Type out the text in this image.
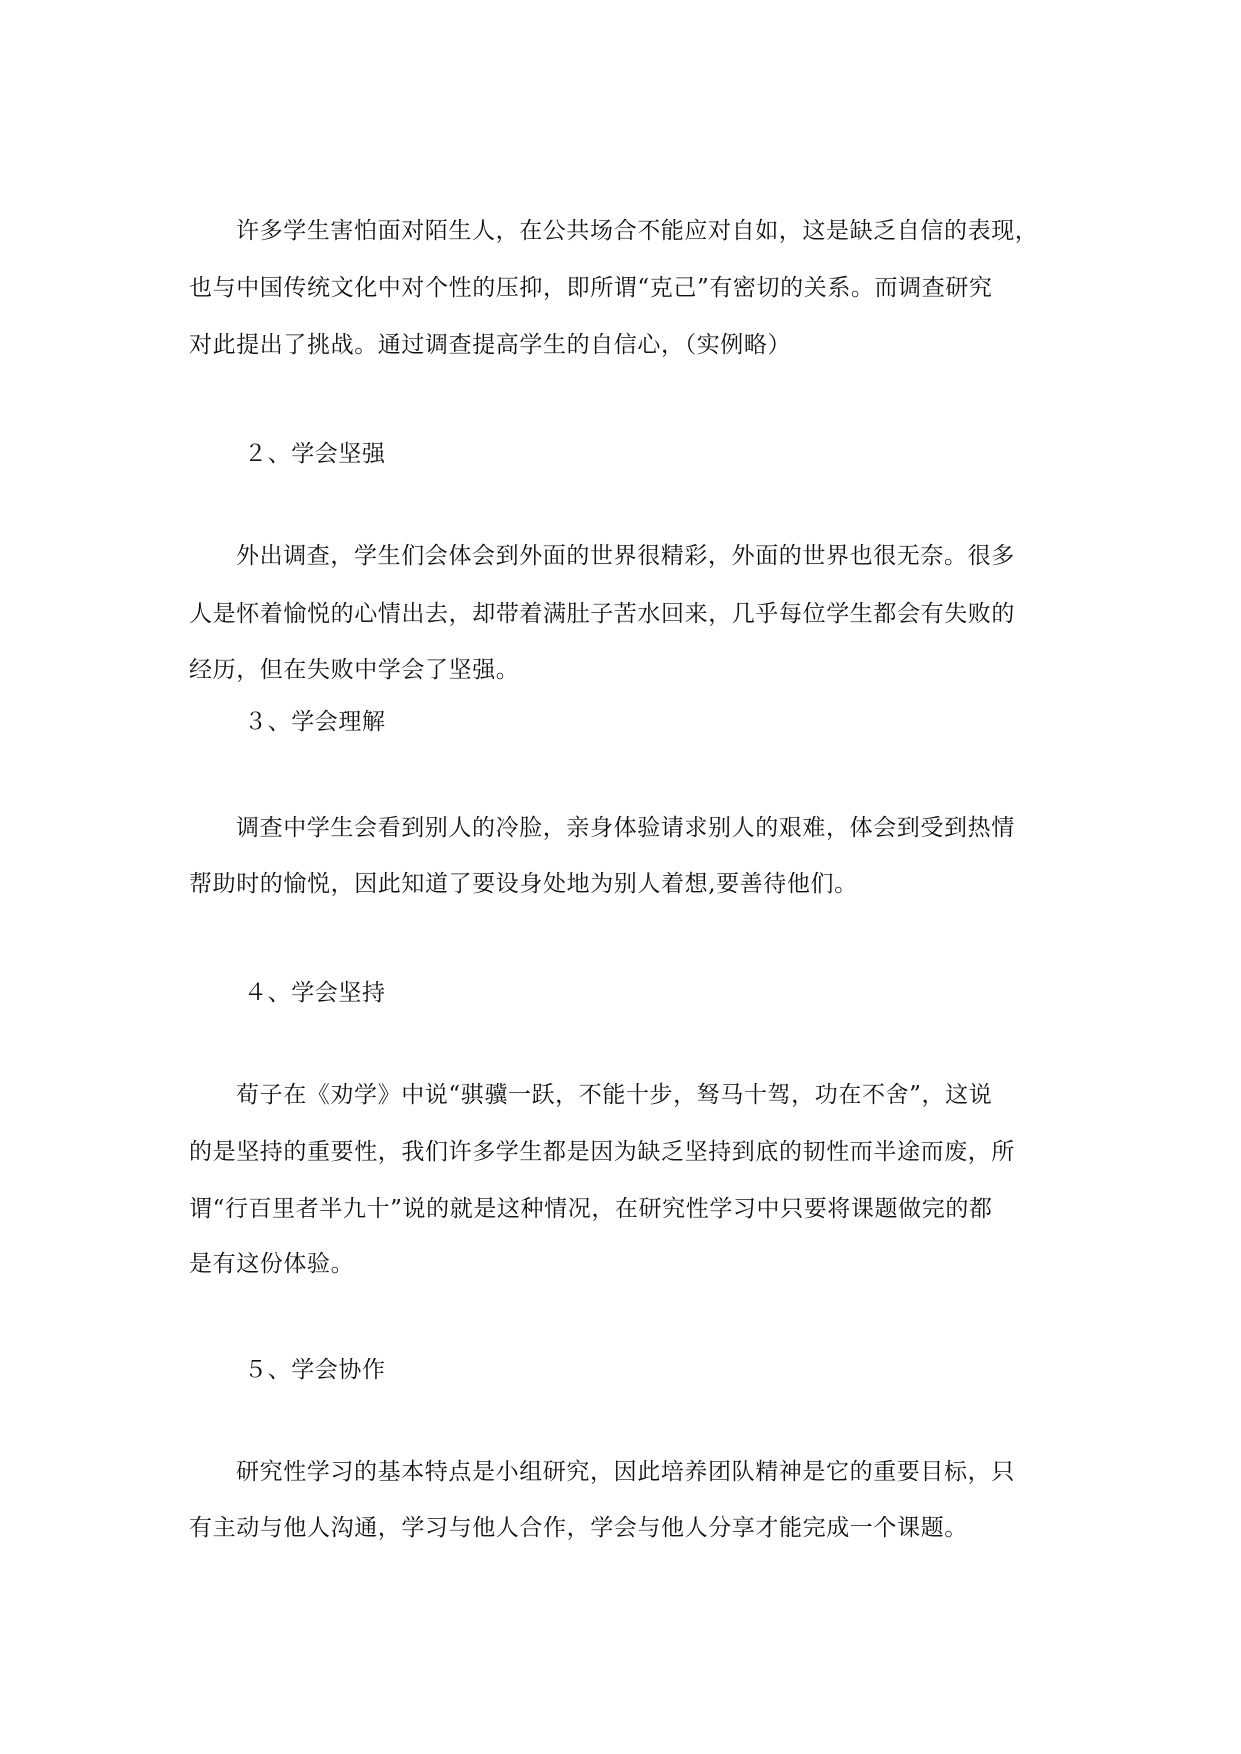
许多学生害怕面对陌生人，在公共场合不能应对自如，这是缺乏自信的表现，
也与中国传统文化中对个性的压抑，即所谓“克己”有密切的关系。而调查研究
对此提出了挑战。通过调查提高学生的自信心，（实例略）
２、学会坚强
外出调查，学生们会体会到外面的世界很精彩，外面的世界也很无奈。很多
人是怀着愉悦的心情出去，却带着满肚子苦水回来，几乎每位学生都会有失败的
经历，但在失败中学会了坚强。
３、学会理解
调查中学生会看到别人的冷脸，亲身体验请求别人的艰难，体会到受到热情
帮助时的愉悦，因此知道了要设身处地为别人着想,要善待他们。
４、学会坚持
荀子在《劝学》中说“骐骥一跃，不能十步，驽马十驾，功在不舍”，这说
的是坚持的重要性，我们许多学生都是因为缺乏坚持到底的韧性而半途而废，所
谓“行百里者半九十”说的就是这种情况，在研究性学习中只要将课题做完的都
是有这份体验。
５、学会协作
研究性学习的基本特点是小组研究，因此培养团队精神是它的重要目标，只
有主动与他人沟通，学习与他人合作，学会与他人分享才能完成一个课题。
